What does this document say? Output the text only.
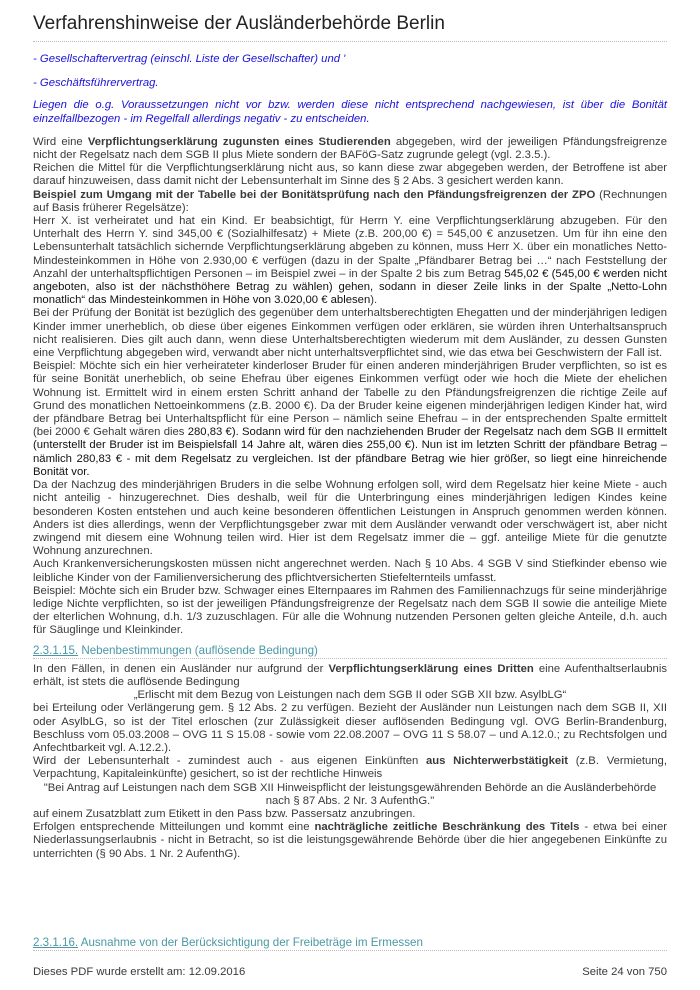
Verfahrenshinweise der Ausländerbehörde Berlin

- Gesellschaftervertrag (einschl. Liste der Gesellschafter) und '

- Geschäftsführervertrag.

Liegen die o.g. Voraussetzungen nicht vor bzw. werden diese nicht entsprechend nachgewiesen, ist über die Bonität einzelfallbezogen - im Regelfall allerdings negativ - zu entscheiden.

Wird eine Verpflichtungserklärung zugunsten eines Studierenden abgegeben, wird der jeweiligen Pfändungsfreigrenze nicht der Regelsatz nach dem SGB II plus Miete sondern der BAFöG-Satz zugrunde gelegt (vgl. 2.3.5.).

Reichen die Mittel für die Verpflichtungserklärung nicht aus, so kann diese zwar abgegeben werden, der Betroffene ist aber darauf hinzuweisen, dass damit nicht der Lebensunterhalt im Sinne des § 2 Abs. 3 gesichert werden kann.

Beispiel zum Umgang mit der Tabelle bei der Bonitätsprüfung nach den Pfändungsfreigrenzen der ZPO (Rechnungen auf Basis früherer Regelsätze):

Herr X. ist verheiratet und hat ein Kind. Er beabsichtigt, für Herrn Y. eine Verpflichtungserklärung abzugeben. Für den Unterhalt des Herrn Y. sind 345,00 € (Sozialhilfesatz) + Miete (z.B. 200,00 €) = 545,00 € anzusetzen. Um für ihn eine den Lebensunterhalt tatsächlich sichernde Verpflichtungserklärung abgeben zu können, muss Herr X. über ein monatliches Netto- Mindesteinkommen in Höhe von 2.930,00 € verfügen (dazu in der Spalte „Pfändbarer Betrag bei …“ nach Feststellung der Anzahl der unterhaltspflichtigen Personen – im Beispiel zwei – in der Spalte 2 bis zum Betrag 545,02 € (545,00 € werden nicht angeboten, also ist der nächsthöhere Betrag zu wählen) gehen, sodann in dieser Zeile links in der Spalte „Netto-Lohn monatlich“ das Mindesteinkommen in Höhe von 3.020,00 € ablesen).

Bei der Prüfung der Bonität ist bezüglich des gegenüber dem unterhaltsberechtigten Ehegatten und der minderjährigen ledigen Kinder immer unerheblich, ob diese über eigenes Einkommen verfügen oder erklären, sie würden ihren Unterhaltsanspruch nicht realisieren. Dies gilt auch dann, wenn diese Unterhaltsberechtigten wiederum mit dem Ausländer, zu dessen Gunsten eine Verpflichtung abgegeben wird, verwandt aber nicht unterhaltsverpflichtet sind, wie das etwa bei Geschwistern der Fall ist.

Beispiel: Möchte sich ein hier verheirateter kinderloser Bruder für einen anderen minderjährigen Bruder verpflichten, so ist es für seine Bonität unerheblich, ob seine Ehefrau über eigenes Einkommen verfügt oder wie hoch die Miete der ehelichen Wohnung ist. Ermittelt wird in einem ersten Schritt anhand der Tabelle zu den Pfändungsfreigrenzen die richtige Zeile auf Grund des monatlichen Nettoeinkommens (z.B. 2000 €). Da der Bruder keine eigenen minderjährigen ledigen Kinder hat, wird der pfändbare Betrag bei Unterhaltspflicht für eine Person – nämlich seine Ehefrau – in der entsprechenden Spalte ermittelt (bei 2000 € Gehalt wären dies 280,83 €). Sodann wird für den nachziehenden Bruder der Regelsatz nach dem SGB II ermittelt (unterstellt der Bruder ist im Beispielsfall 14 Jahre alt, wären dies 255,00 €). Nun ist im letzten Schritt der pfändbare Betrag – nämlich 280,83 € - mit dem Regelsatz zu vergleichen. Ist der pfändbare Betrag wie hier größer, so liegt eine hinreichende Bonität vor.

Da der Nachzug des minderjährigen Bruders in die selbe Wohnung erfolgen soll, wird dem Regelsatz hier keine Miete - auch nicht anteilig - hinzugerechnet. Dies deshalb, weil für die Unterbringung eines minderjährigen ledigen Kindes keine besonderen Kosten entstehen und auch keine besonderen öffentlichen Leistungen in Anspruch genommen werden können. Anders ist dies allerdings, wenn der Verpflichtungsgeber zwar mit dem Ausländer verwandt oder verschwägert ist, aber nicht zwingend mit diesem eine Wohnung teilen wird. Hier ist dem Regelsatz immer die – ggf. anteilige Miete für die genutzte Wohnung anzurechnen.

Auch Krankenversicherungskosten müssen nicht angerechnet werden. Nach § 10 Abs. 4 SGB V sind Stiefkinder ebenso wie leibliche Kinder von der Familienversicherung des pflichtversicherten Stiefelternteils umfasst.

Beispiel: Möchte sich ein Bruder bzw. Schwager eines Elternpaares im Rahmen des Familiennachzugs für seine minderjährige ledige Nichte verpflichten, so ist der jeweiligen Pfändungsfreigrenze der Regelsatz nach dem SGB II sowie die anteilige Miete der elterlichen Wohnung, d.h. 1/3 zuzuschlagen. Für alle die Wohnung nutzenden Personen gelten gleiche Anteile, d.h. auch für Säuglinge und Kleinkinder.

2.3.1.15. Nebenbestimmungen (auflösende Bedingung)

In den Fällen, in denen ein Ausländer nur aufgrund der Verpflichtungserklärung eines Dritten eine Aufenthaltserlaubnis erhält, ist stets die auflösende Bedingung

„Erlischt mit dem Bezug von Leistungen nach dem SGB II oder SGB XII bzw. AsylbLG“

bei Erteilung oder Verlängerung gem. § 12 Abs. 2 zu verfügen. Bezieht der Ausländer nun Leistungen nach dem SGB II, XII oder AsylbLG, so ist der Titel erloschen (zur Zulässigkeit dieser auflösenden Bedingung vgl. OVG Berlin-Brandenburg, Beschluss vom 05.03.2008 – OVG 11 S 15.08 - sowie vom 22.08.2007 – OVG 11 S 58.07 – und A.12.0.; zu Rechtsfolgen und Anfechtbarkeit vgl. A.12.2.).

Wird der Lebensunterhalt - zumindest auch - aus eigenen Einkünften aus Nichterwerbstätigkeit (z.B. Vermietung, Verpachtung, Kapitaleinkünfte) gesichert, so ist der rechtliche Hinweis

"Bei Antrag auf Leistungen nach dem SGB XII Hinweispflicht der leistungsgewährenden Behörde an die Ausländerbehörde

nach § 87 Abs. 2 Nr. 3 AufenthG."

auf einem Zusatzblatt zum Etikett in den Pass bzw. Passersatz anzubringen.

Erfolgen entsprechende Mitteilungen und kommt eine nachträgliche zeitliche Beschränkung des Titels - etwa bei einer Niederlassungserlaubnis - nicht in Betracht, so ist die leistungsgewährende Behörde über die hier angegebenen Einkünfte zu unterrichten (§ 90 Abs. 1 Nr. 2 AufenthG).

2.3.1.16. Ausnahme von der Berücksichtigung der Freibeträge im Ermessen
Dieses PDF wurde erstellt am: 12.09.2016	Seite 24 von 750
